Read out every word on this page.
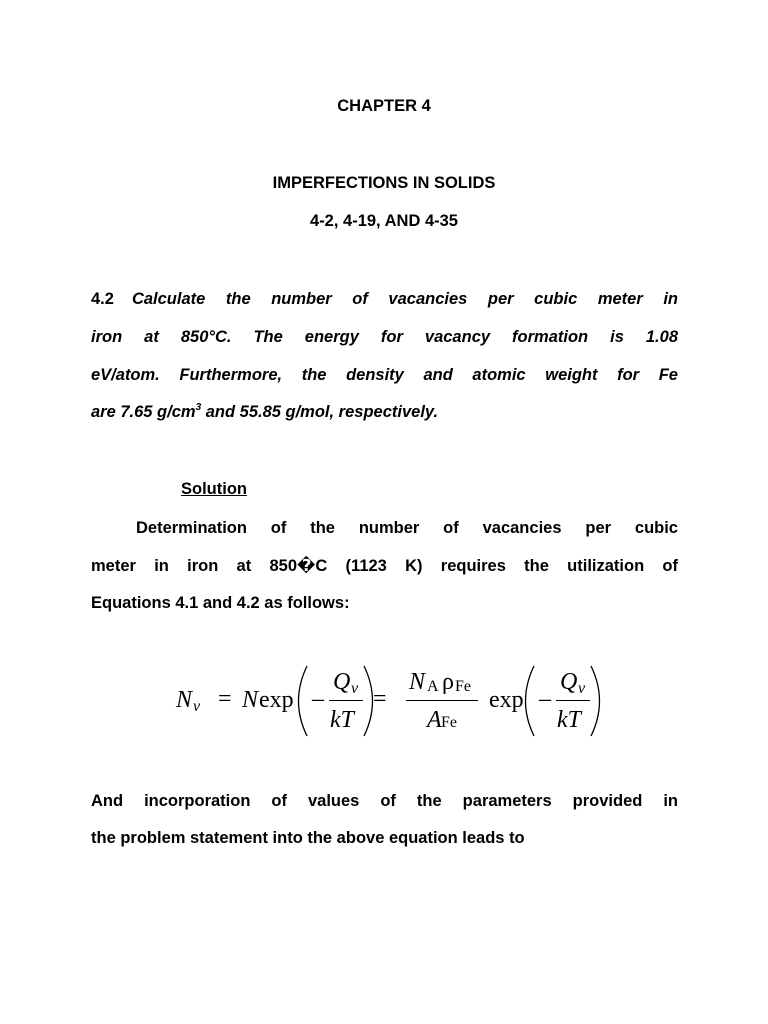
CHAPTER 4
IMPERFECTIONS IN SOLIDS
4-2, 4-19, AND 4-35
4.2 Calculate the number of vacancies per cubic meter in
iron at 850°C. The energy for vacancy formation is 1.08
eV/atom. Furthermore, the density and atomic weight for Fe
are 7.65 $g/cm^3$ and 55.85 g/mol, respectively.
Solution
Determination of the number of vacancies per cubic
meter in iron at 850�C (1123 K) requires the utilization of
Equations 4.1 and 4.2 as follows:
N v = N exp –
Q v
kT
=
N A ρ Fe
A Fe
exp –
Q v
kT
And incorporation of values of the parameters provided in
the problem statement into the above equation leads to
